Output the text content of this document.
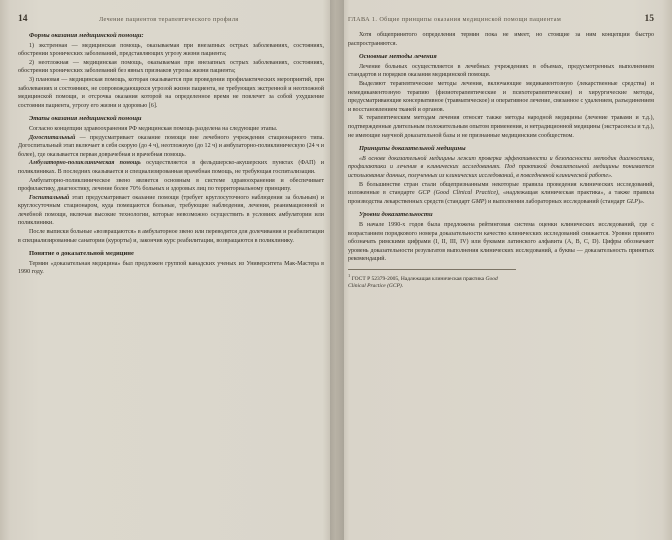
14	Лечение пациентов терапевтического профиля
Формы оказания медицинской помощи:

1) экстренная — медицинская помощь, оказываемая при внезапных острых заболеваниях, состояниях, обострении хронических заболеваний, представляющих угрозу жизни пациента;

2) неотложная — медицинская помощь, оказываемая при внезапных острых заболеваниях, состояниях, обострении хронических заболеваний без явных признаков угрозы жизни пациента;

3) плановая — медицинская помощь, которая оказывается при проведении профилактических мероприятий, при заболеваниях и состояниях, не сопровождающихся угрозой жизни пациента, не требующих экстренной и неотложной медицинской помощи, и отсрочка оказания которой на определенное время не повлечет за собой ухудшение состояния пациента, угрозу его жизни и здоровью [6].

Этапы оказания медицинской помощи

Согласно концепции здравоохранения РФ медицинская помощь разделена на следующие этапы.

Догоспитальный — предусматривает оказание помощи вне лечебного учреждения стационарного типа. Догоспитальный этап включает в себя скорую (до 4 ч), неотложную (до 12 ч) и амбулаторно-поликлиническую (24 ч и более), где оказывается первая доврачебная и врачебная помощь.

Амбулаторно-поликлиническая помощь осуществляется в фельдшерско-акушерских пунктах (ФАП) и поликлиниках. В последних оказывается и специализированная врачебная помощь, не требующая госпитализации.

Амбулаторно-поликлиническое звено является основным в системе здравоохранения и обеспечивает профилактику, диагностику, лечение более 70% больных и здоровых лиц по территориальному принципу.

Госпитальный этап предусматривает оказание помощи (требует круглосуточного наблюдения за больным) и круглосуточным стационаром, куда помещаются больные, требующие наблюдения, лечения, реанимационной и лечебной помощи, включая высокие технологии, которые невозможно осуществить в условиях амбулатории или поликлиники.

После выписки больные «возвращаются» в амбулаторное звено или переводятся для долечивания и реабилитации в специализированные санатории (курорты) и, закончив курс реабилитации, возвращаются в поликлинику.

Понятие о доказательной медицине

Термин «доказательная медицина» был предложен группой канадских ученых из Университета Мак-Мастера в 1990 году.

ГЛАВА 1. Общие принципы оказания медицинской помощи пациентам	15

Хотя общепринятого определения термин пока не имеет, но стоящие за ним концепции быстро распространяются.

Основные методы лечения

Лечение больных осуществляется в лечебных учреждениях в объемах, предусмотренных выполнением стандартов и порядков оказания медицинской помощи.

Выделяют терапевтические методы лечения, включающие медикаментозную (лекарственные средства) и немедикаментозную терапию (физиотерапевтические и психотерапевтические) и хирургические методы, предусматривающие консервативное (травматическое) и оперативное лечение, связанное с удалением, разъединением и восстановлением тканей и органов.

К терапевтическим методам лечения относят также методы народной медицины (лечение травами и т.д.), подтвержденные длительным положительным опытом применения, и нетрадиционной медицины (экстрасенсы и т.д.), не имеющие научной доказательной базы и не признанные медицинским сообществом.

Принципы доказательной медицины

«В основе доказательной медицины лежит проверка эффективности и безопасности методик диагностики, профилактики и лечения в клинических исследованиях. Под практикой доказательной медицины понимается использование данных, полученных из клинических исследований, в повседневной клинической работе».

В большинстве стран стали общепризнанными некоторые правила проведения клинических исследований, изложенные в стандарте GCP (Good Clinical Practice), «надлежащая клиническая практика», а также правила производства лекарственных средств (стандарт GMP) и выполнения лабораторных исследований (стандарт GLP)».

Уровни доказательности

В начале 1990-х годов была предложена рейтинговая система оценки клинических исследований, где с возрастанием порядкового номера доказательности качество клинических исследований снижается. Уровни принято обозначать римскими цифрами (I, II, III, IV) или буквами латинского алфавита (A, B, C, D). Цифры обозначают уровень доказательности результатов выполнения клинических исследований, а буквы — доказательность принятых рекомендаций.

$^1$ ГОСТ Р 52379-2005, Надлежащая клиническая практика Good Clinical Practice (GCP).
